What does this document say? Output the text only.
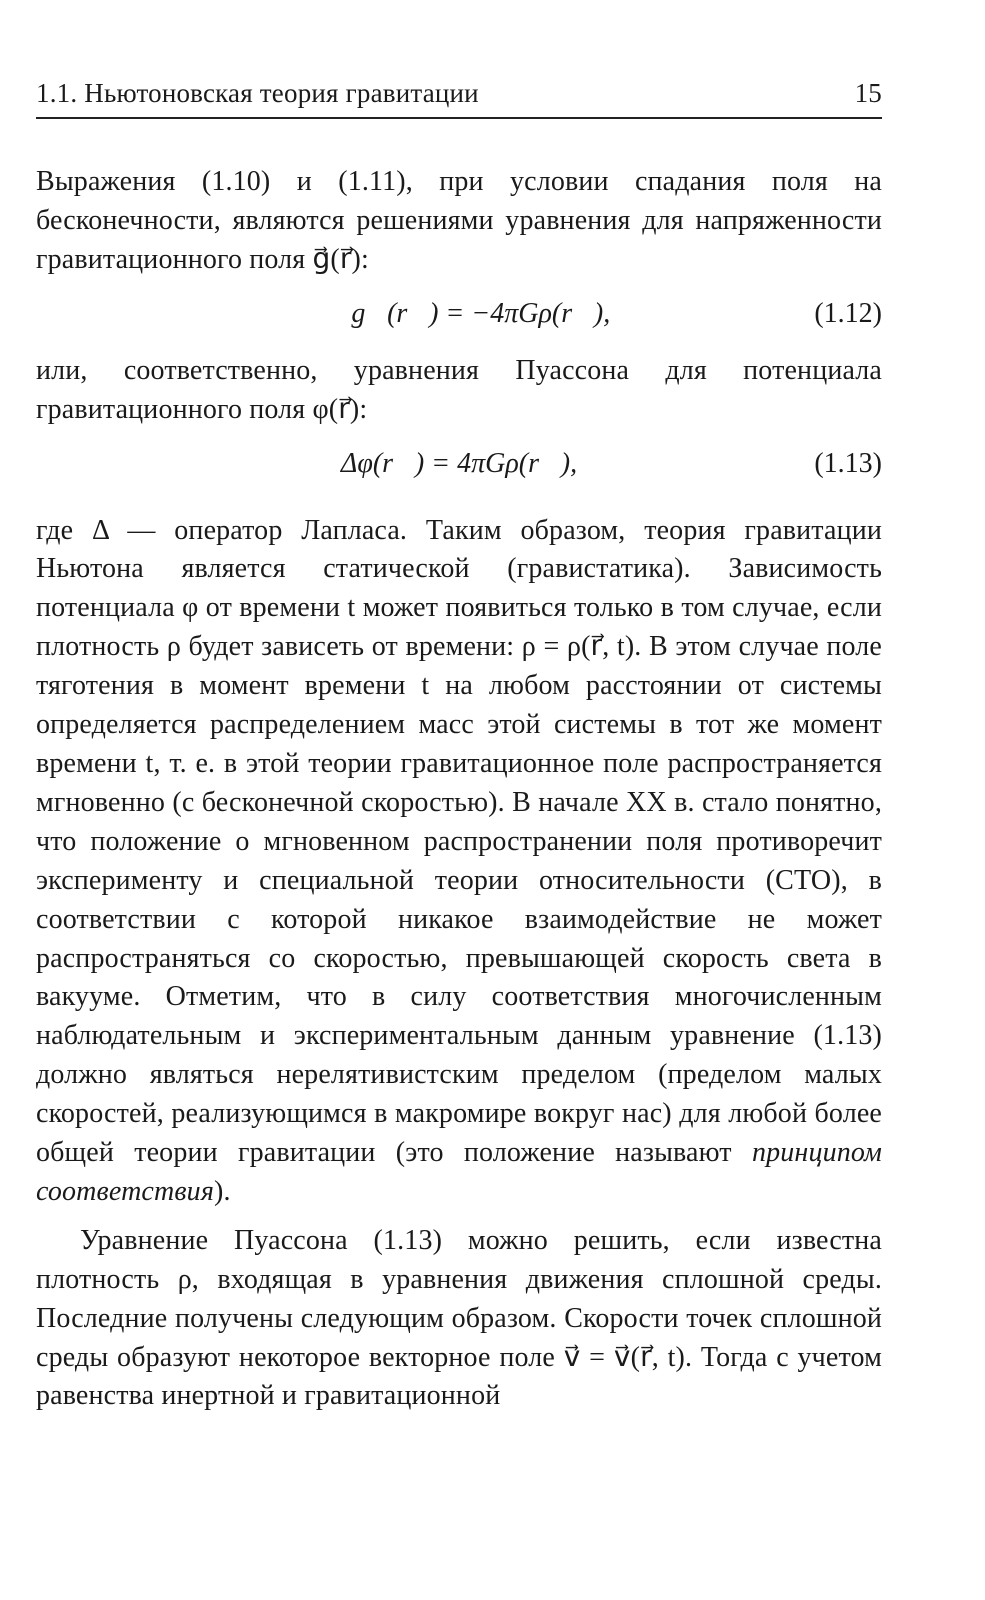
1.1. Ньютоновская теория гравитации	15

Выражения (1.10) и (1.11), при условии спадания поля на бесконечности, являются решениями уравнения для напряженности гравитационного поля g⃗(r⃗):

∇⃗g⃗(r⃗) = −4πGρ(r⃗),	(1.12)

или, соответственно, уравнения Пуассона для потенциала гравитационного поля φ(r⃗):

Δφ(r⃗) = 4πGρ(r⃗),	(1.13)

где Δ — оператор Лапласа. Таким образом, теория гравитации Ньютона является статической (гравистатика). Зависимость потенциала φ от времени t может появиться только в том случае, если плотность ρ будет зависеть от времени: ρ = ρ(r⃗, t). В этом случае поле тяготения в момент времени t на любом расстоянии от системы определяется распределением масс этой системы в тот же момент времени t, т. е. в этой теории гравитационное поле распространяется мгновенно (с бесконечной скоростью). В начале XX в. стало понятно, что положение о мгновенном распространении поля противоречит эксперименту и специальной теории относительности (СТО), в соответствии с которой никакое взаимодействие не может распространяться со скоростью, превышающей скорость света в вакууме. Отметим, что в силу соответствия многочисленным наблюдательным и экспериментальным данным уравнение (1.13) должно являться нерелятивистским пределом (пределом малых скоростей, реализующимся в макромире вокруг нас) для любой более общей теории гравитации (это положение называют принципом соответствия).

Уравнение Пуассона (1.13) можно решить, если известна плотность ρ, входящая в уравнения движения сплошной среды. Последние получены следующим образом. Скорости точек сплошной среды образуют некоторое векторное поле v⃗ = v⃗(r⃗, t). Тогда с учетом равенства инертной и гравитационной
